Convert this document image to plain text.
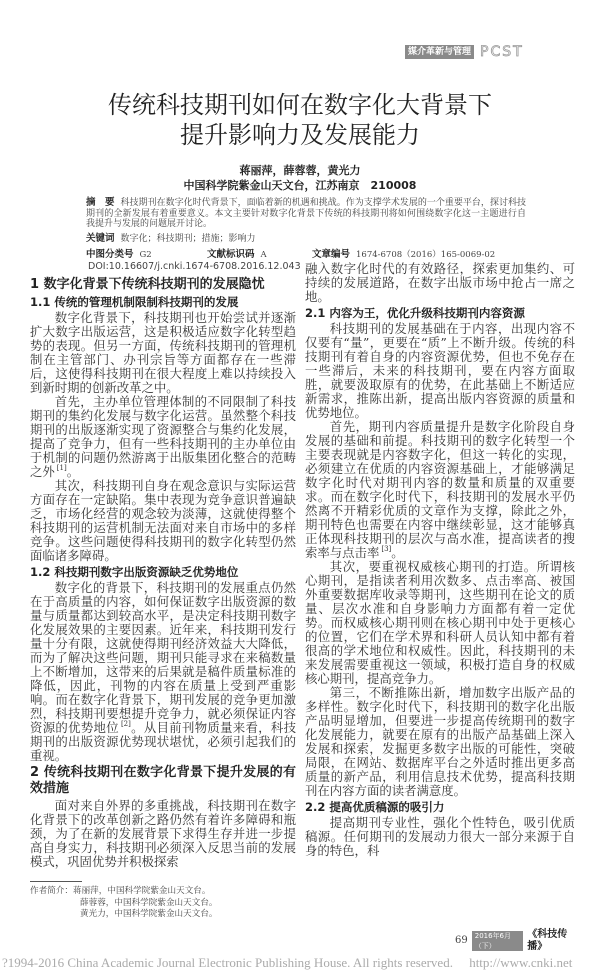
媒介革新与管理 PCST
传统科技期刊如何在数字化大背景下
提升影响力及发展能力
蒋丽萍，薛蓉蓉，黄光力
中国科学院紫金山天文台，江苏南京　210008
摘　要 科技期刊在数字化时代背景下，面临着新的机遇和挑战。作为支撑学术发展的一个重要平台，探讨科技期刊的全新发展有着重要意义。本文主要针对数字化背景下传统的科技期刊将如何围绕数字化这一主题进行自我提升与发展的问题展开讨论。
关键词 数字化；科技期刊；措施；影响力
中图分类号 G2	文献标识码 A	文章编号 1674-6708（2016）165-0069-02
DOI:10.16607/j.cnki.1674-6708.2016.12.043
1 数字化背景下传统科技期刊的发展隐忧
1.1 传统的管理机制限制科技期刊的发展

数字化背景下，科技期刊也开始尝试并逐渐扩大数字出版运营，这是积极适应数字化转型趋势的表现。但另一方面，传统科技期刊的管理机制在主管部门、办刊宗旨等方面都存在一些滞后，这使得科技期刊在很大程度上难以持续投入到新时期的创新改革之中。

首先，主办单位管理体制的不同限制了科技期刊的集约化发展与数字化运营。虽然整个科技期刊的出版逐渐实现了资源整合与集约化发展，提高了竞争力，但有一些科技期刊的主办单位由于机制的问题仍然游离于出版集团化整合的范畴之外 [1]。

其次，科技期刊自身在观念意识与实际运营方面存在一定缺陷。集中表现为竞争意识普遍缺乏，市场化经营的观念较为淡薄，这就使得整个科技期刊的运营机制无法面对来自市场中的多样竞争。这些问题使得科技期刊的数字化转型仍然面临诸多障碍。

1.2 科技期刊数字出版资源缺乏优势地位

数字化的背景下，科技期刊的发展重点仍然在于高质量的内容，如何保证数字出版资源的数量与质量都达到较高水平，是决定科技期刊数字化发展效果的主要因素。近年来，科技期刊发行量十分有限，这就使得期刊经济效益大大降低，而为了解决这些问题，期刊只能寻求在来稿数量上不断增加，这带来的后果就是稿件质量标准的降低，因此，刊物的内容在质量上受到严重影响。而在数字化背景下，期刊发展的竞争更加激烈，科技期刊要想提升竞争力，就必须保证内容资源的优势地位 [2]。从目前刊物质量来看，科技期刊的出版资源优势现状堪忧，必须引起我们的重视。

2 传统科技期刊在数字化背景下提升发展的有效措施

面对来自外界的多重挑战，科技期刊在数字化背景下的改革创新之路仍然有着许多障碍和瓶颈，为了在新的发展背景下求得生存并进一步提高自身实力，科技期刊必须深入反思当前的发展模式，巩固优势并积极探索

作者简介：蒋丽萍，中国科学院紫金山天文台。
薛蓉蓉，中国科学院紫金山天文台。
黄光力，中国科学院紫金山天文台。

融入数字化时代的有效路径，探索更加集约、可持续的发展道路，在数字出版市场中抢占一席之地。

2.1 内容为王，优化升级科技期刊内容资源

科技期刊的发展基础在于内容，出现内容不仅要有“量”，更要在“质”上不断升级。传统的科技期刊有着自身的内容资源优势，但也不免存在一些滞后，未来的科技期刊，要在内容方面取胜，就要汲取原有的优势，在此基础上不断适应新需求，推陈出新，提高出版内容资源的质量和优势地位。

首先，期刊内容质量提升是数字化阶段自身发展的基础和前提。科技期刊的数字化转型一个主要表现就是内容数字化，但这一转化的实现，必须建立在优质的内容资源基础上，才能够满足数字化时代对期刊内容的数量和质量的双重要求。而在数字化时代下，科技期刊的发展水平仍然离不开精彩优质的文章作为支撑，除此之外，期刊特色也需要在内容中继续彰显，这才能够真正体现科技期刊的层次与高水准，提高读者的搜索率与点击率 [3]。

其次，要重视权威核心期刊的打造。所谓核心期刊，是指读者利用次数多、点击率高、被国外重要数据库收录等期刊，这些期刊在论文的质量、层次水准和自身影响力方面都有着一定优势。而权威核心期刊则在核心期刊中处于更核心的位置，它们在学术界和科研人员认知中都有着很高的学术地位和权威性。因此，科技期刊的未来发展需要重视这一领域，积极打造自身的权威核心期刊，提高竞争力。

第三，不断推陈出新，增加数字出版产品的多样性。数字化时代下，科技期刊的数字化出版产品明显增加，但要进一步提高传统期刊的数字化发展能力，就要在原有的出版产品基础上深入发展和探索，发掘更多数字出版的可能性，突破局限，在网站、数据库平台之外适时推出更多高质量的新产品，利用信息技术优势，提高科技期刊在内容方面的读者满意度。

2.2 提高优质稿源的吸引力

提高期刊专业性，强化个性特色，吸引优质稿源。任何期刊的发展动力很大一部分来源于自身的特色，科

69	2016年6月（下）
《科技传播》
?1994-2016 China Academic Journal Electronic Publishing House. All rights reserved.　 http://www.cnki.net
